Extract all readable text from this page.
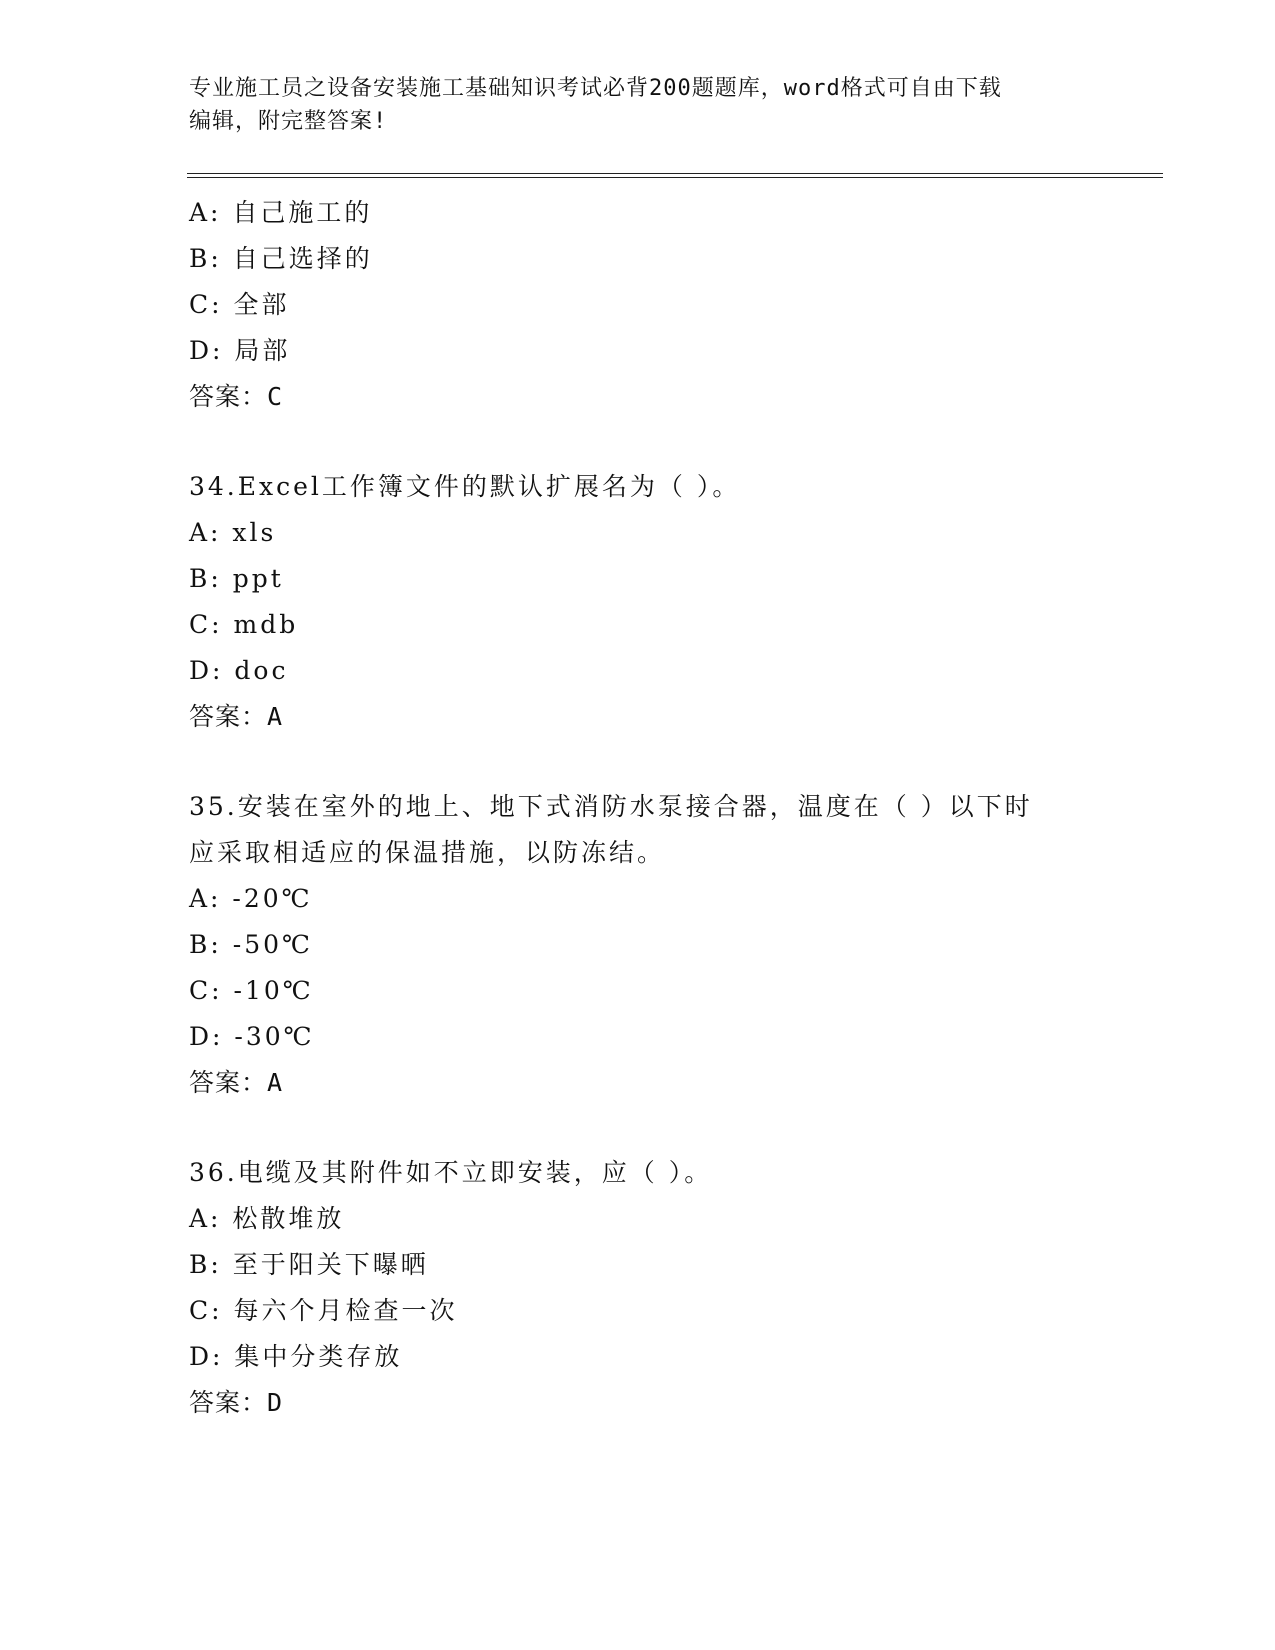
专业施工员之设备安装施工基础知识考试必背200题题库，word格式可自由下载
编辑，附完整答案!
A: 自己施工的
B: 自己选择的
C: 全部
D: 局部
答案：C
34.Excel工作簿文件的默认扩展名为（ ）。
A: xls
B: ppt
C: mdb
D: doc
答案：A
35.安装在室外的地上、地下式消防水泵接合器，温度在（ ）以下时
应采取相适应的保温措施，以防冻结。
A: -20℃
B: -50℃
C: -10℃
D: -30℃
答案：A
36.电缆及其附件如不立即安装，应（ ）。
A: 松散堆放
B: 至于阳关下曝晒
C: 每六个月检查一次
D: 集中分类存放
答案：D
